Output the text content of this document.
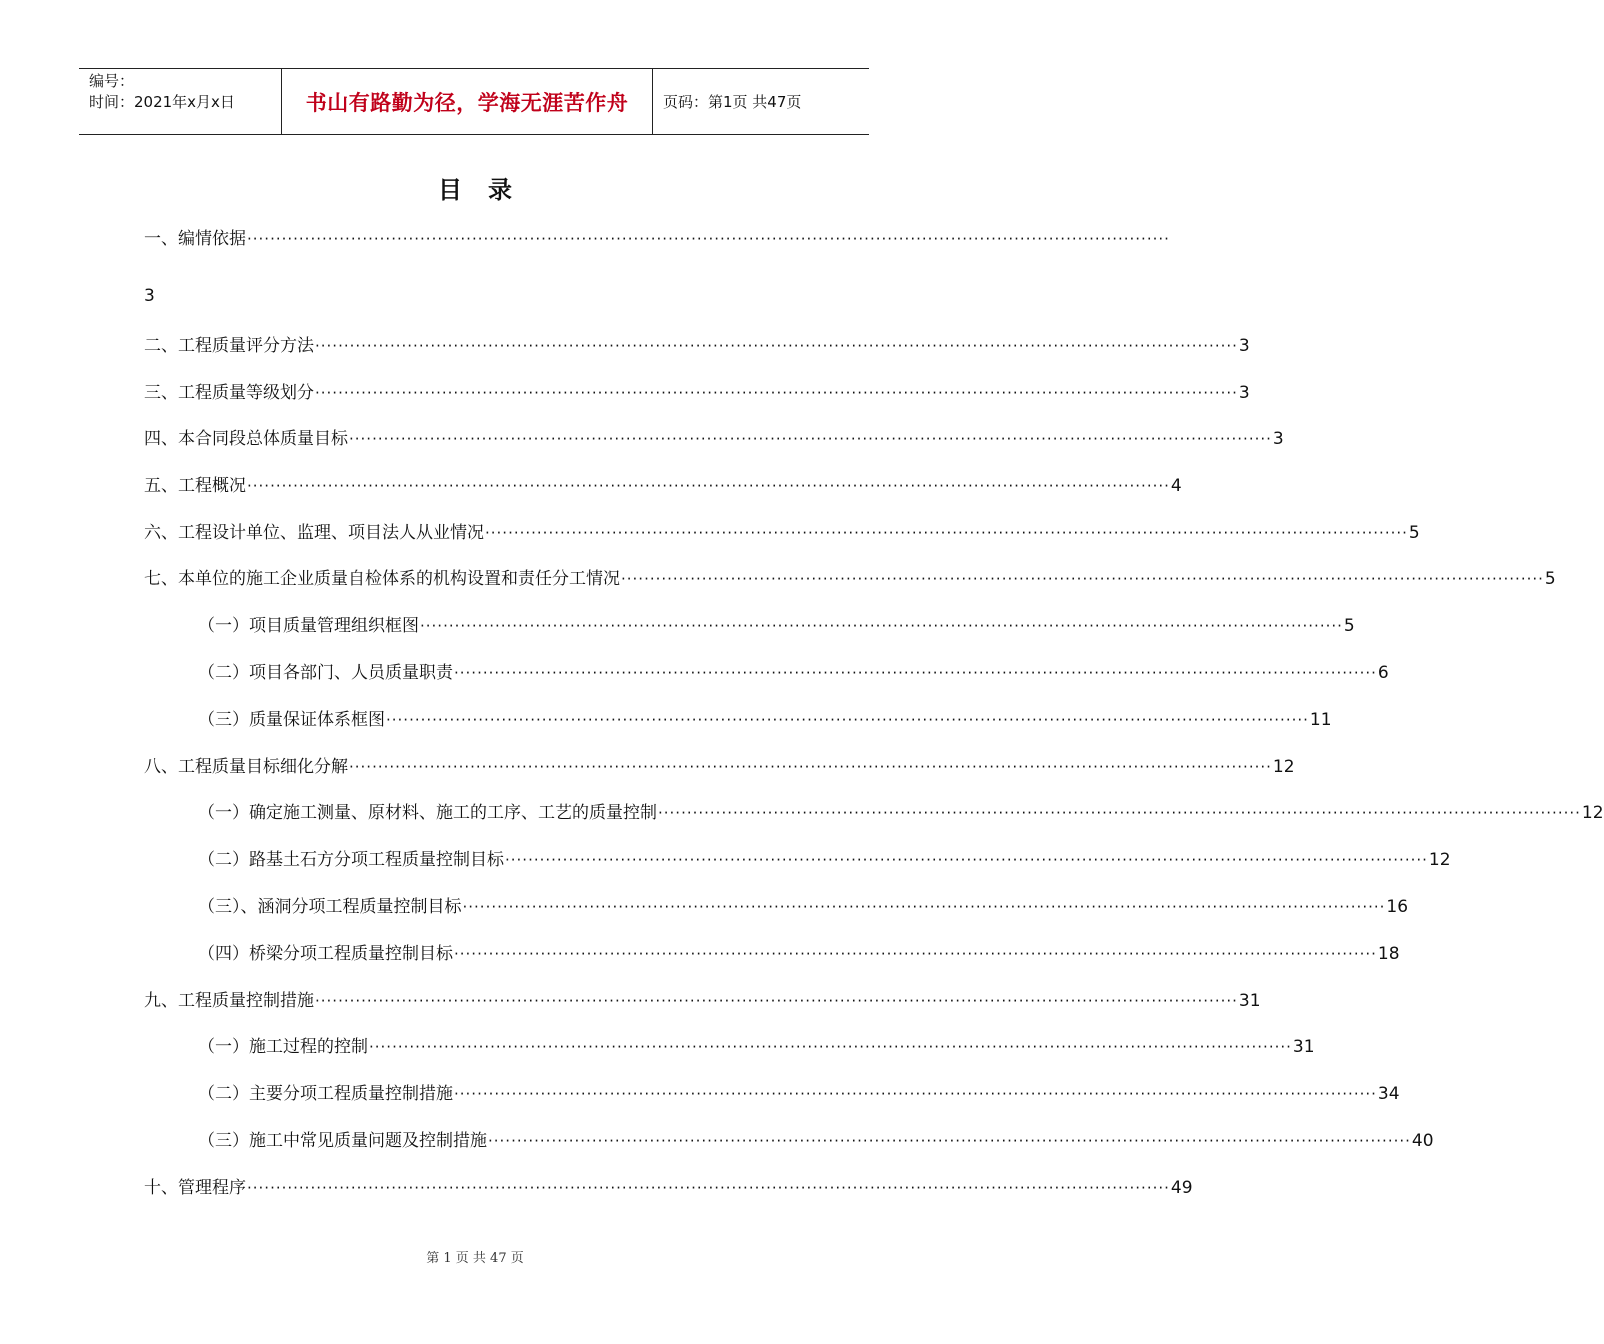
编号：
时间：2021年x月x日	书山有路勤为径，学海无涯苦作舟	页码：第1页 共47页
目录
一、编情依据 ································································································································································
3
二、工程质量评分方法 ································································································································································ 3
三、工程质量等级划分 ································································································································································ 3
四、本合同段总体质量目标 ································································································································································ 3
五、工程概况 ································································································································································ 4
六、工程设计单位、监理、项目法人从业情况 ································································································································································ 5
七、本单位的施工企业质量自检体系的机构设置和责任分工情况 ································································································································································ 5
（一）项目质量管理组织框图 ································································································································································ 5
（二）项目各部门、人员质量职责 ································································································································································ 6
（三）质量保证体系框图 ································································································································································ 11
八、工程质量目标细化分解 ································································································································································ 12
（一）确定施工测量、原材料、施工的工序、工艺的质量控制 ································································································································································ 12
（二）路基土石方分项工程质量控制目标 ································································································································································ 12
（三）、涵洞分项工程质量控制目标 ································································································································································ 16
（四）桥梁分项工程质量控制目标 ································································································································································ 18
九、工程质量控制措施 ································································································································································ 31
（一）施工过程的控制 ································································································································································ 31
（二）主要分项工程质量控制措施 ································································································································································ 34
（三）施工中常见质量问题及控制措施 ································································································································································ 40
十、管理程序 ································································································································································ 49
第 1 页 共 47 页
